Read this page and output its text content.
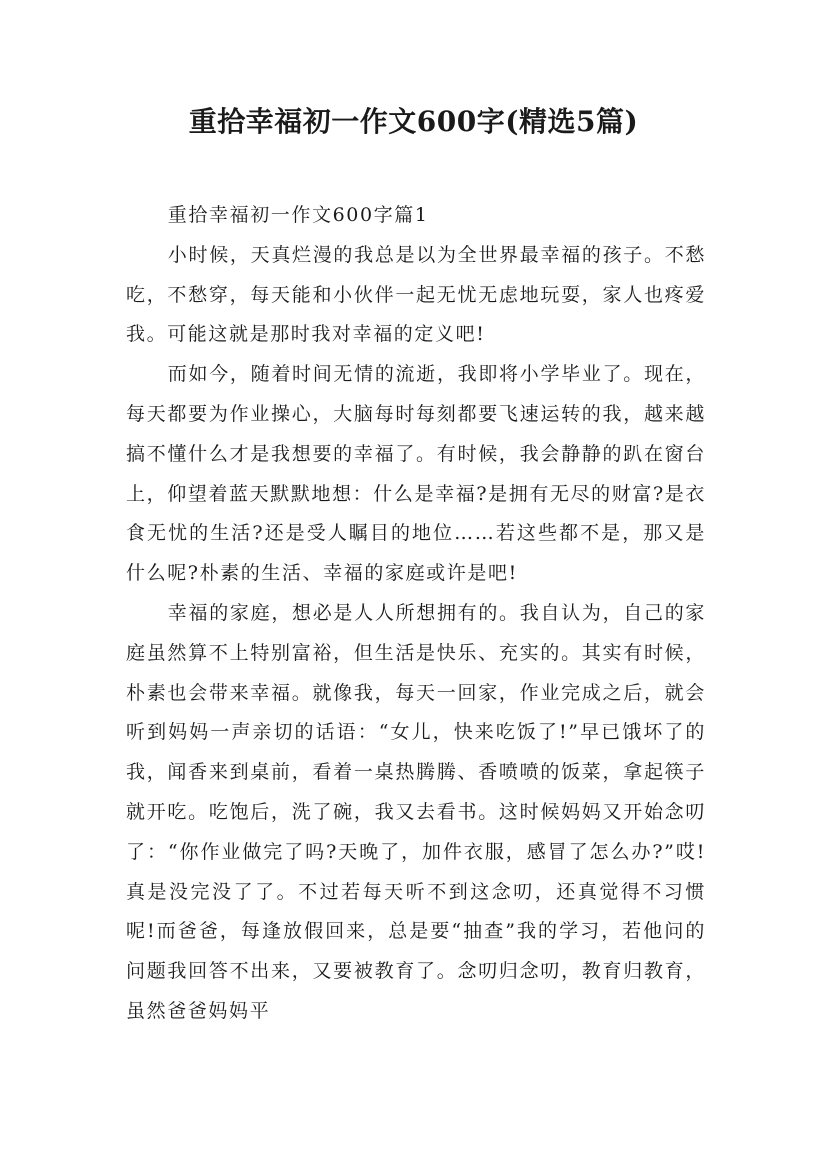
重拾幸福初一作文600字(精选5篇)

重拾幸福初一作文600字篇1

小时候，天真烂漫的我总是以为全世界最幸福的孩子。不愁吃，不愁穿，每天能和小伙伴一起无忧无虑地玩耍，家人也疼爱我。可能这就是那时我对幸福的定义吧!

而如今，随着时间无情的流逝，我即将小学毕业了。现在，每天都要为作业操心，大脑每时每刻都要飞速运转的我，越来越搞不懂什么才是我想要的幸福了。有时候，我会静静的趴在窗台上，仰望着蓝天默默地想：什么是幸福?是拥有无尽的财富?是衣食无忧的生活?还是受人瞩目的地位……若这些都不是，那又是什么呢?朴素的生活、幸福的家庭或许是吧!

幸福的家庭，想必是人人所想拥有的。我自认为，自己的家庭虽然算不上特别富裕，但生活是快乐、充实的。其实有时候，朴素也会带来幸福。就像我，每天一回家，作业完成之后，就会听到妈妈一声亲切的话语：“女儿，快来吃饭了!”早已饿坏了的我，闻香来到桌前，看着一桌热腾腾、香喷喷的饭菜，拿起筷子就开吃。吃饱后，洗了碗，我又去看书。这时候妈妈又开始念叨了：“你作业做完了吗?天晚了，加件衣服，感冒了怎么办?”哎!真是没完没了了。不过若每天听不到这念叨，还真觉得不习惯呢!而爸爸，每逢放假回来，总是要“抽查”我的学习，若他问的问题我回答不出来，又要被教育了。念叨归念叨，教育归教育，虽然爸爸妈妈平
